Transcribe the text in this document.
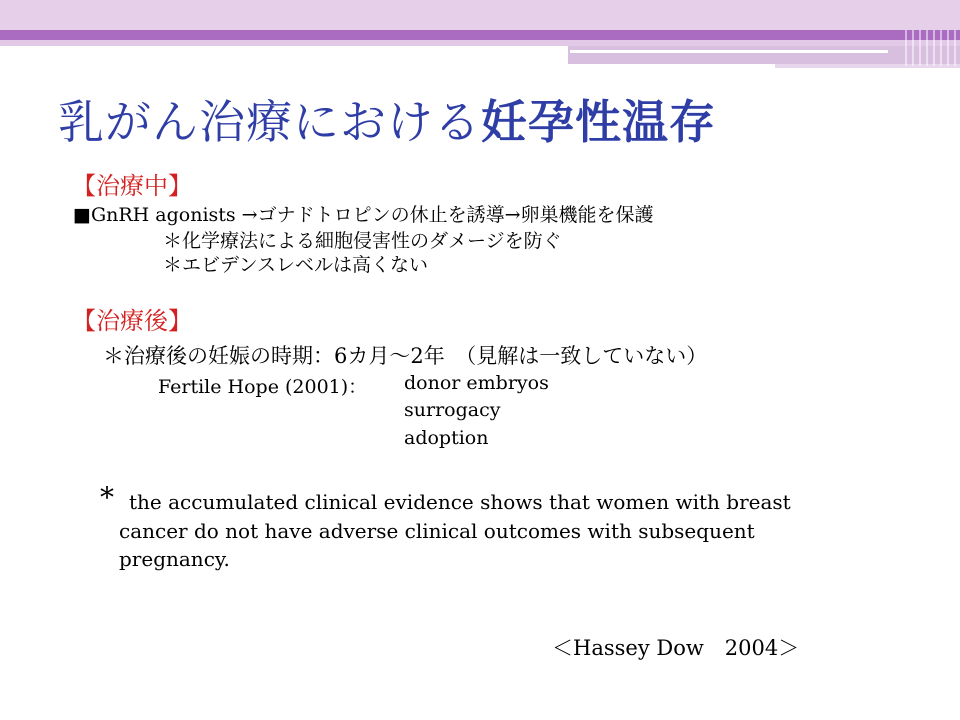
乳がん治療における妊孕性温存
【治療中】
■GnRH agonists →ゴナドトロピンの休止を誘導→卵巣機能を保護
＊化学療法による細胞侵害性のダメージを防ぐ
＊エビデンスレベルは高くない
【治療後】
＊治療後の妊娠の時期：6カ月～2年　（見解は一致していない）
Fertile Hope (2001)： donor embryos
surrogacy
adoption
* the accumulated clinical evidence shows that women with breast
cancer do not have adverse clinical outcomes with subsequent
pregnancy.
＜Hassey Dow　2004＞
